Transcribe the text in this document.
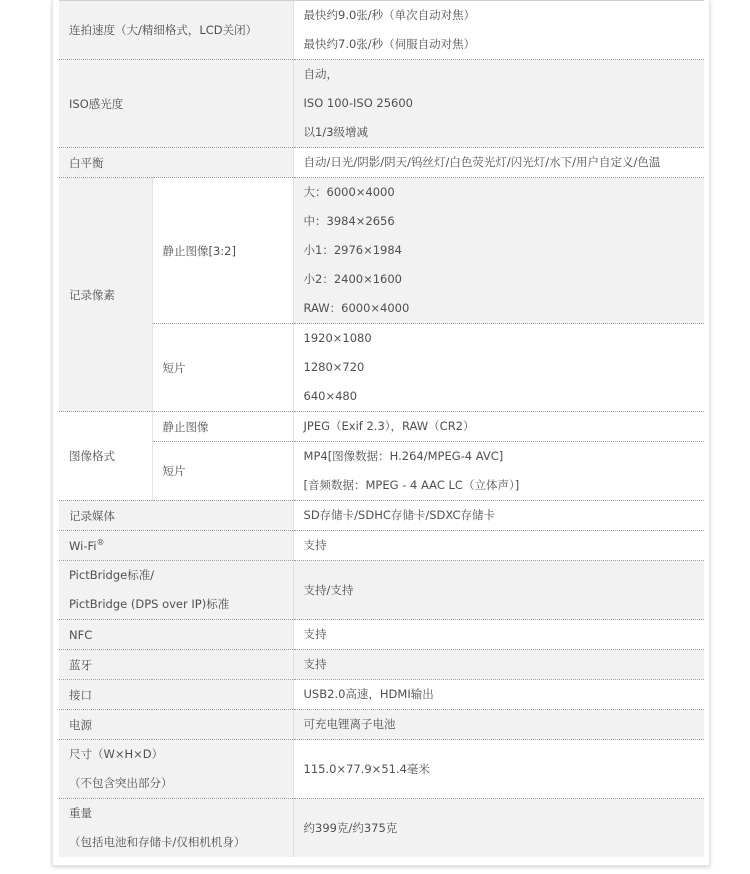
连拍速度（大/精细格式，LCD关闭）		最快约9.0张/秒（单次自动对焦）
最快约7.0张/秒（伺服自动对焦）

ISO感光度		自动，
ISO 100-ISO 25600
以1/3级增减

白平衡		自动/日光/阴影/阴天/钨丝灯/白色荧光灯/闪光灯/水下/用户自定义/色温

记录像素	静止图像[3:2]	大：6000×4000
中：3984×2656
小1：2976×1984
小2：2400×1600
RAW：6000×4000

	短片	1920×1080
1280×720
640×480

图像格式	静止图像	JPEG（Exif 2.3），RAW（CR2）

	短片	MP4[图像数据：H.264/MPEG-4 AVC]
[音频数据：MPEG - 4 AAC LC（立体声）]

记录媒体		SD存储卡/SDHC存储卡/SDXC存储卡

Wi-Fi®		支持

PictBridge标准/
PictBridge (DPS over IP)标准		支持/支持
NFC		支持

蓝牙		支持

接口		USB2.0高速，HDMI输出

电源		可充电锂离子电池

尺寸（W×H×D）
（不包含突出部分）		115.0×77.9×51.4毫米

重量
（包括电池和存储卡/仅相机机身）		约399克/约375克
